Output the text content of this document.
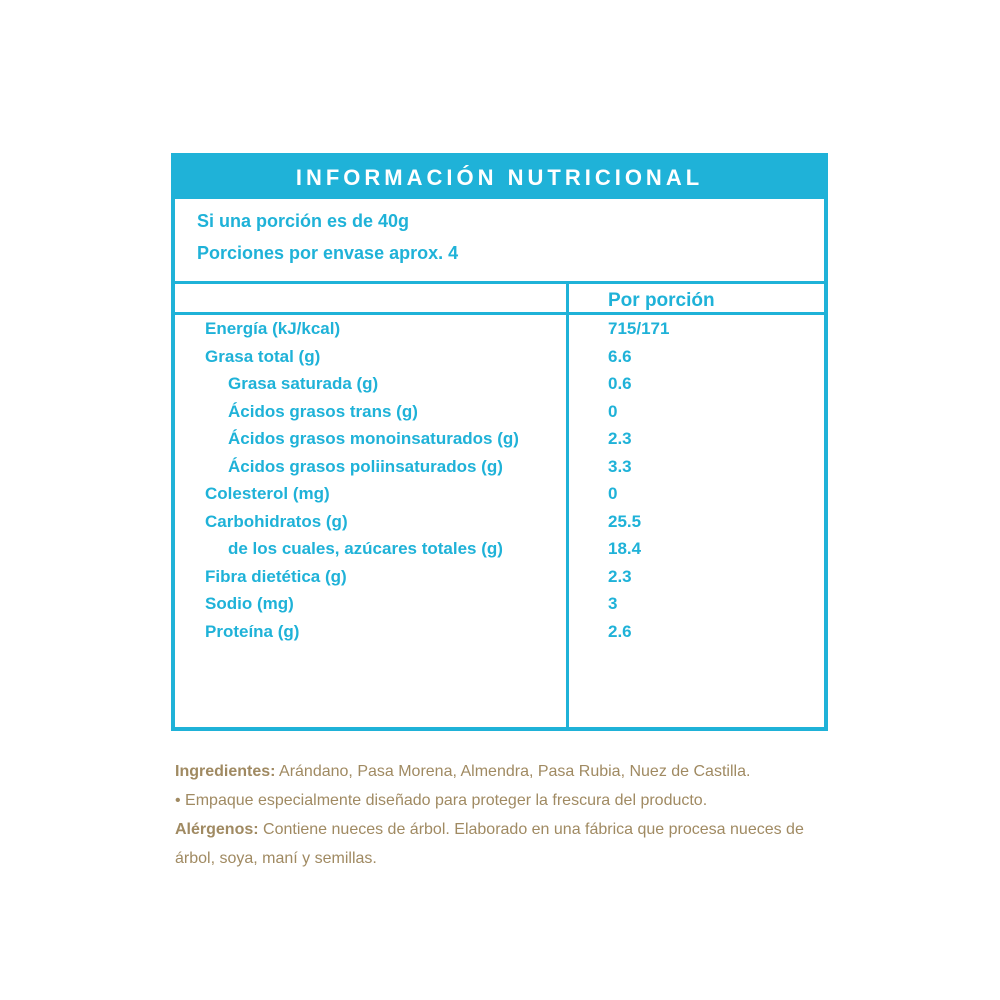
INFORMACIÓN NUTRICIONAL
Si una porción es de 40g
Porciones por envase aprox. 4
Por porción
Energía (kJ/kcal)	715/171
Grasa total (g)	6.6
Grasa saturada (g)	0.6
Ácidos grasos trans (g)	0
Ácidos grasos monoinsaturados (g)	2.3
Ácidos grasos poliinsaturados (g)	3.3
Colesterol (mg)	0
Carbohidratos (g)	25.5
de los cuales, azúcares totales (g)	18.4
Fibra dietética (g)	2.3
Sodio (mg)	3
Proteína (g)	2.6
Ingredientes: Arándano, Pasa Morena, Almendra, Pasa Rubia, Nuez de Castilla.
• Empaque especialmente diseñado para proteger la frescura del producto.
Alérgenos: Contiene nueces de árbol. Elaborado en una fábrica que procesa nueces de árbol, soya, maní y semillas.
